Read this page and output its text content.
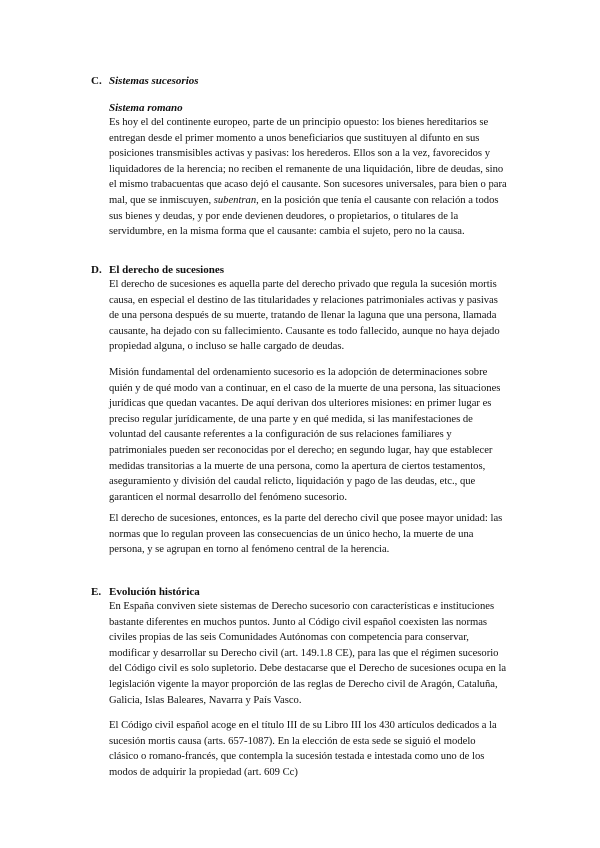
C. Sistemas sucesorios
Sistema romano
Es hoy el del continente europeo, parte de un principio opuesto: los bienes hereditarios se
entregan desde el primer momento a unos beneficiarios que sustituyen al difunto en sus
posiciones transmisibles activas y pasivas: los herederos. Ellos son a la vez, favorecidos y
liquidadores de la herencia; no reciben el remanente de una liquidación, libre de deudas, sino
el mismo trabacuentas que acaso dejó el causante. Son sucesores universales, para bien o para
mal, que se inmiscuyen, subentran, en la posición que tenía el causante con relación a todos
sus bienes y deudas, y por ende devienen deudores, o propietarios, o titulares de la
servidumbre, en la misma forma que el causante: cambia el sujeto, pero no la causa.
D. El derecho de sucesiones
El derecho de sucesiones es aquella parte del derecho privado que regula la sucesión mortis
causa, en especial el destino de las titularidades y relaciones patrimoniales activas y pasivas
de una persona después de su muerte, tratando de llenar la laguna que una persona, llamada
causante, ha dejado con su fallecimiento. Causante es todo fallecido, aunque no haya dejado
propiedad alguna, o incluso se halle cargado de deudas.
Misión fundamental del ordenamiento sucesorio es la adopción de determinaciones sobre
quién y de qué modo van a continuar, en el caso de la muerte de una persona, las situaciones
jurídicas que quedan vacantes. De aquí derivan dos ulteriores misiones: en primer lugar es
preciso regular jurídicamente, de una parte y en qué medida, si las manifestaciones de
voluntad del causante referentes a la configuración de sus relaciones familiares y
patrimoniales pueden ser reconocidas por el derecho; en segundo lugar, hay que establecer
medidas transitorias a la muerte de una persona, como la apertura de ciertos testamentos,
aseguramiento y división del caudal relicto, liquidación y pago de las deudas, etc., que
garanticen el normal desarrollo del fenómeno sucesorio.
El derecho de sucesiones, entonces, es la parte del derecho civil que posee mayor unidad: las
normas que lo regulan proveen las consecuencias de un único hecho, la muerte de una
persona, y se agrupan en torno al fenómeno central de la herencia.
E. Evolución histórica
En España conviven siete sistemas de Derecho sucesorio con características e instituciones
bastante diferentes en muchos puntos. Junto al Código civil español coexisten las normas
civiles propias de las seis Comunidades Autónomas con competencia para conservar,
modificar y desarrollar su Derecho civil (art. 149.1.8 CE), para las que el régimen sucesorio
del Código civil es solo supletorio. Debe destacarse que el Derecho de sucesiones ocupa en la
legislación vigente la mayor proporción de las reglas de Derecho civil de Aragón, Cataluña,
Galicia, Islas Baleares, Navarra y País Vasco.
El Código civil español acoge en el título III de su Libro III los 430 artículos dedicados a la
sucesión mortis causa (arts. 657-1087). En la elección de esta sede se siguió el modelo
clásico o romano-francés, que contempla la sucesión testada e intestada como uno de los
modos de adquirir la propiedad (art. 609 Cc)
